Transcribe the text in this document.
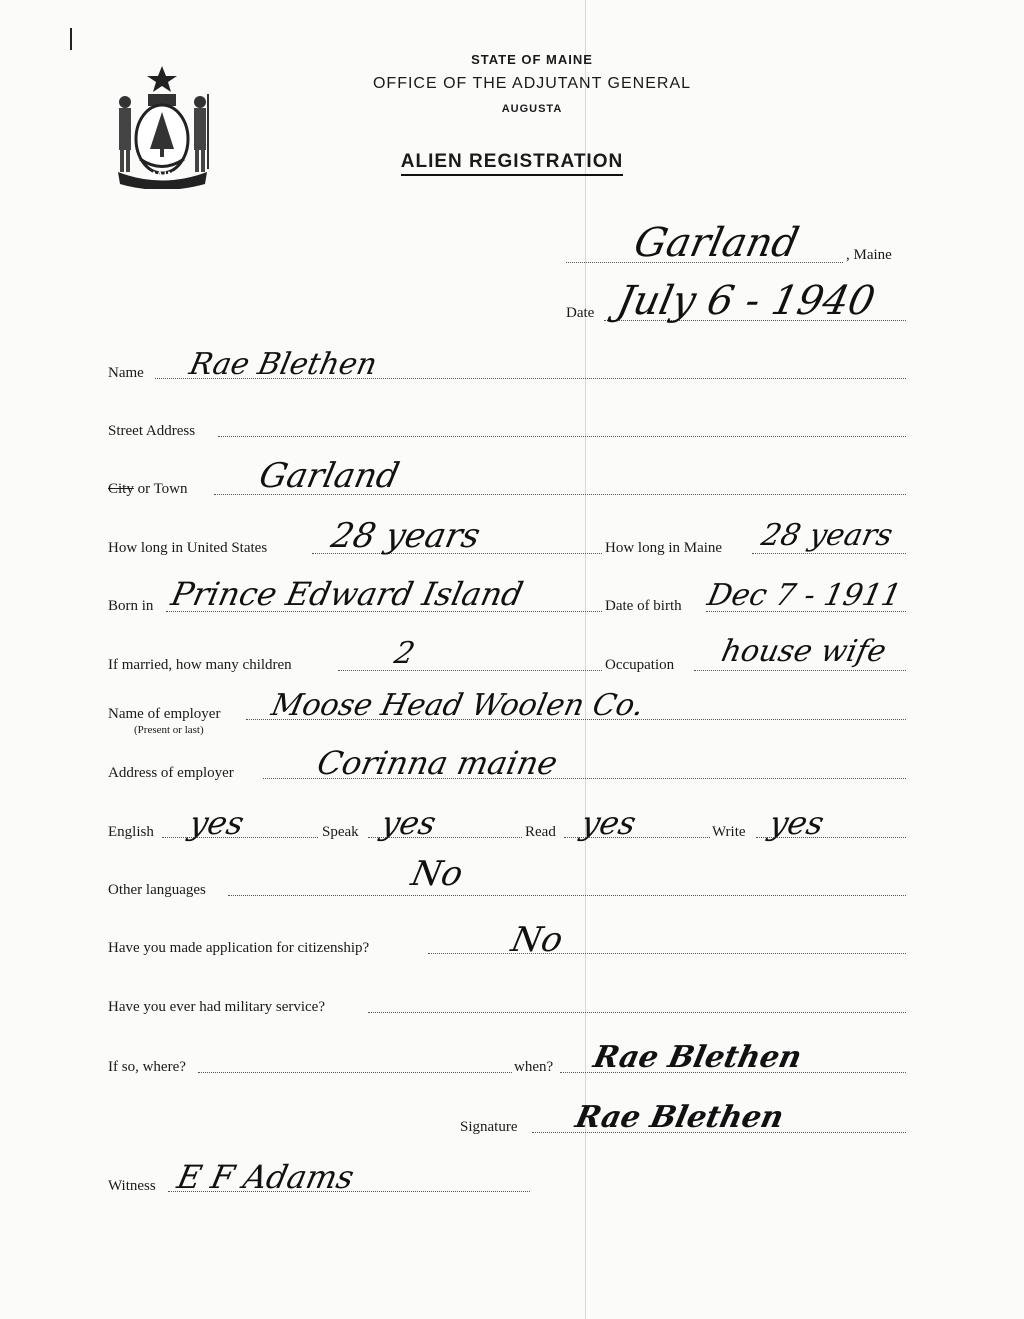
MAINE
STATE OF MAINE
OFFICE OF THE ADJUTANT GENERAL
AUGUSTA
ALIEN REGISTRATION
Garland	, Maine
Date July 6 - 1940
Name Rae Blethen
Street Address
City or Town Garland
How long in United States 28 years	How long in Maine 28 years
Born in Prince Edward Island	Date of birth Dec 7 - 1911
If married, how many children	2	Occupation house wife
Name of employer
(Present or last)
Moose Head Woolen Co.
Address of employer	Corinna maine
English yes	Speak yes	Read yes	Write yes
Other languages	No
Have you made application for citizenship?	No
Have you ever had military service?
If so, where?	when? Rae Blethen
Signature Rae Blethen
Witness E F Adams
